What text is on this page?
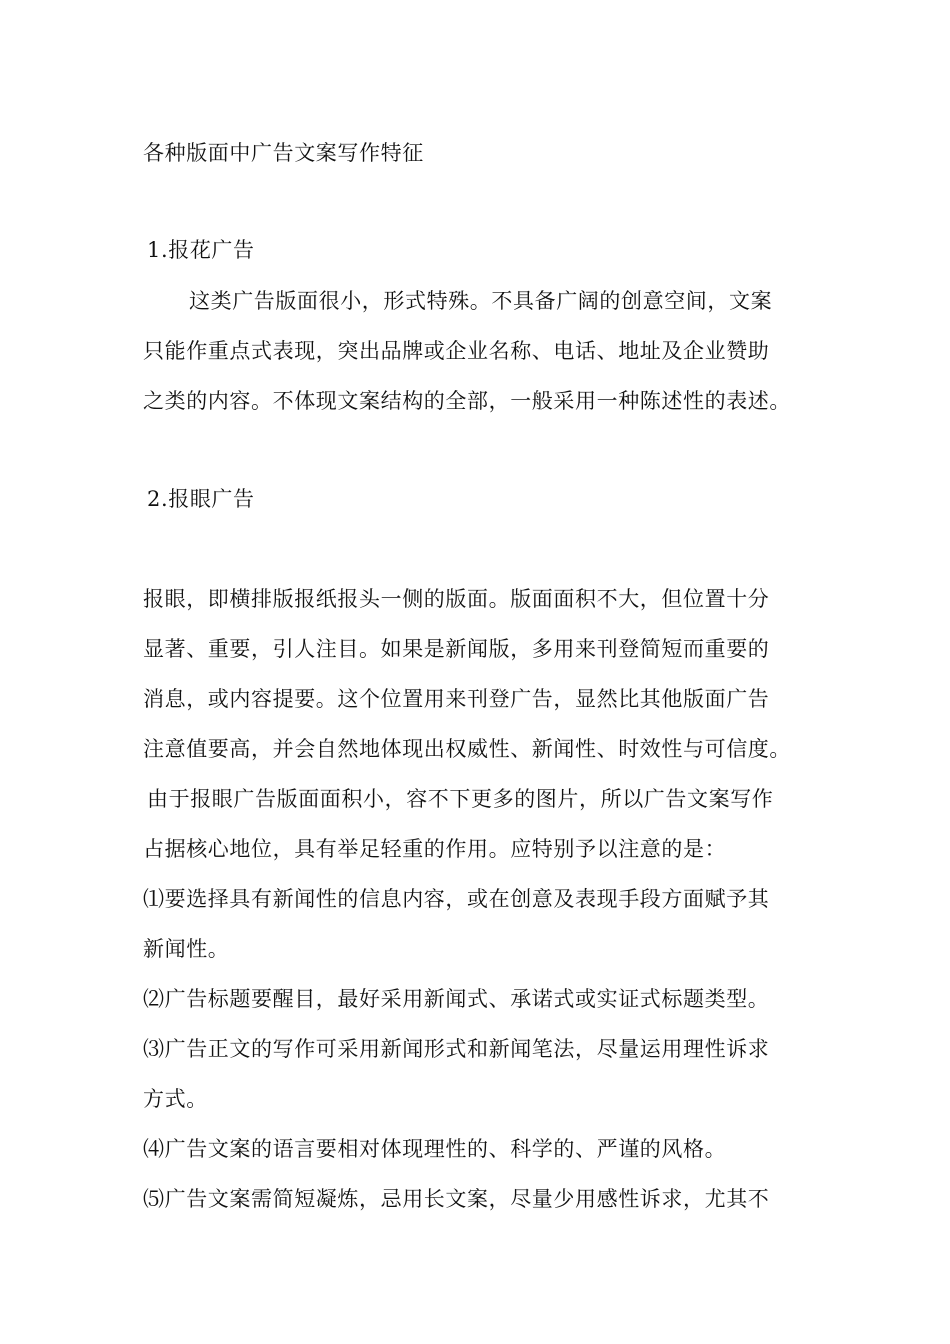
各种版面中广告文案写作特征
1.报花广告
这类广告版面很小，形式特殊。不具备广阔的创意空间，文案
只能作重点式表现，突出品牌或企业名称、电话、地址及企业赞助
之类的内容。不体现文案结构的全部，一般采用一种陈述性的表述。
2.报眼广告
报眼，即横排版报纸报头一侧的版面。版面面积不大，但位置十分
显著、重要，引人注目。如果是新闻版，多用来刊登简短而重要的
消息，或内容提要。这个位置用来刊登广告，显然比其他版面广告
注意值要高，并会自然地体现出权威性、新闻性、时效性与可信度。
由于报眼广告版面面积小，容不下更多的图片，所以广告文案写作
占据核心地位，具有举足轻重的作用。应特别予以注意的是：
⑴要选择具有新闻性的信息内容，或在创意及表现手段方面赋予其
新闻性。
⑵广告标题要醒目，最好采用新闻式、承诺式或实证式标题类型。
⑶广告正文的写作可采用新闻形式和新闻笔法，尽量运用理性诉求
方式。
⑷广告文案的语言要相对体现理性的、科学的、严谨的风格。
⑸广告文案需简短凝炼，忌用长文案，尽量少用感性诉求，尤其不
